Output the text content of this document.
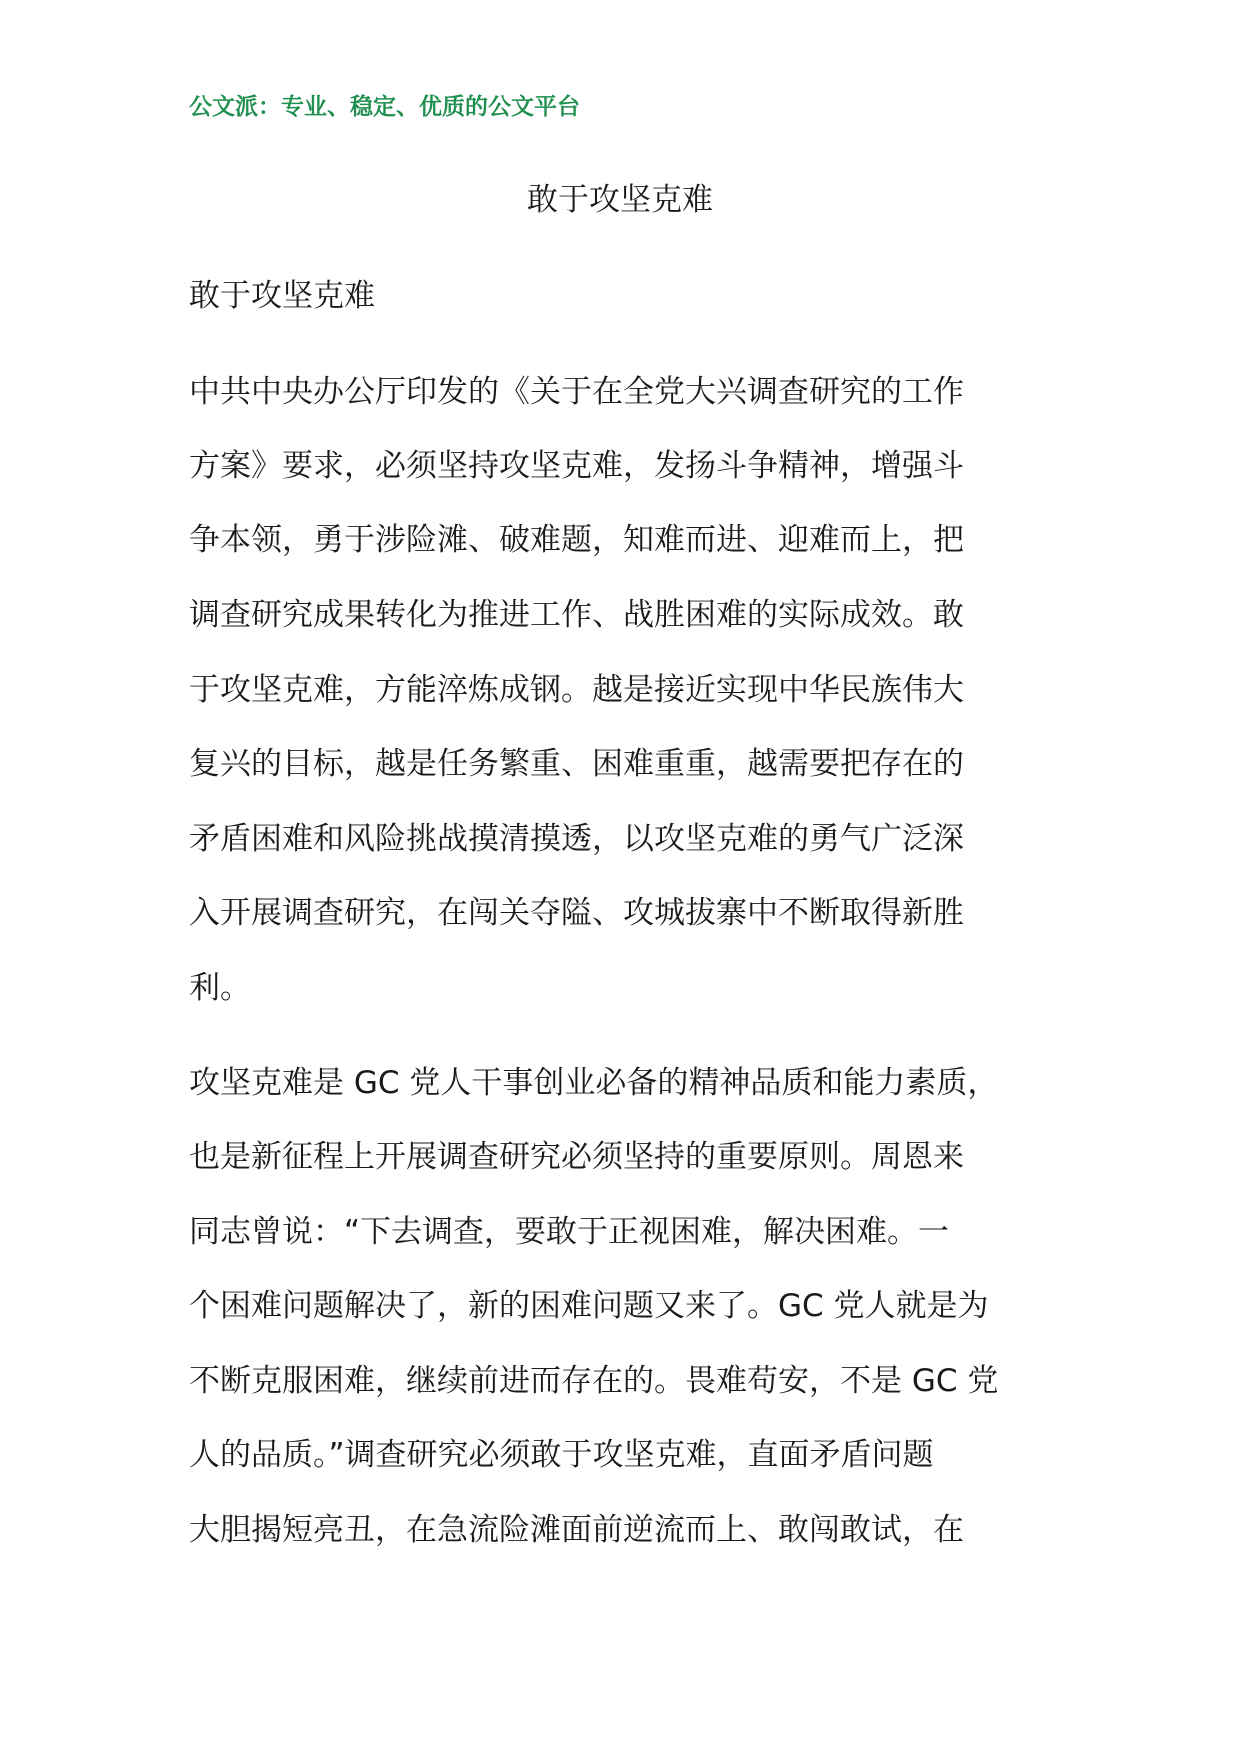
公文派：专业、稳定、优质的公文平台
敢于攻坚克难
敢于攻坚克难
中共中央办公厅印发的《关于在全党大兴调查研究的工作
方案》要求，必须坚持攻坚克难，发扬斗争精神，增强斗
争本领，勇于涉险滩、破难题，知难而进、迎难而上，把
调查研究成果转化为推进工作、战胜困难的实际成效。敢
于攻坚克难，方能淬炼成钢。越是接近实现中华民族伟大
复兴的目标，越是任务繁重、困难重重，越需要把存在的
矛盾困难和风险挑战摸清摸透，以攻坚克难的勇气广泛深
入开展调查研究，在闯关夺隘、攻城拔寨中不断取得新胜
利。
攻坚克难是 GC 党人干事创业必备的精神品质和能力素质，
也是新征程上开展调查研究必须坚持的重要原则。周恩来
同志曾说：“下去调查，要敢于正视困难，解决困难。一
个困难问题解决了，新的困难问题又来了。GC 党人就是为
不断克服困难，继续前进而存在的。畏难苟安，不是 GC 党
人的品质。”调查研究必须敢于攻坚克难，直面矛盾问题
大胆揭短亮丑，在急流险滩面前逆流而上、敢闯敢试，在
